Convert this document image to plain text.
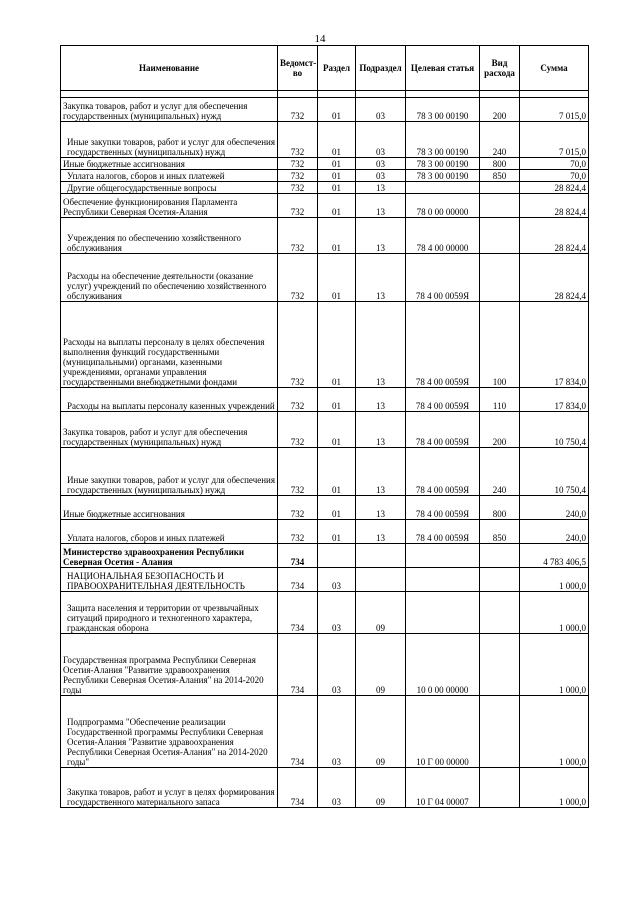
14
Наименование	Ведомст-во	Раздел	Подраздел	Целевая статья	Вид расхода	Сумма

Закупка товаров, работ и услуг для обеспечения государственных (муниципальных) нужд	732	01	03	78 3 00 00190	200	7 015,0
Иные закупки товаров, работ и услуг для обеспечения государственных (муниципальных) нужд	732	01	03	78 3 00 00190	240	7 015,0
Иные бюджетные ассигнования	732	01	03	78 3 00 00190	800	70,0
Уплата налогов, сборов и иных платежей	732	01	03	78 3 00 00190	850	70,0
Другие общегосударственные вопросы	732	01	13			28 824,4
Обеспечение функционирования Парламента Республики Северная Осетия-Алания	732	01	13	78 0 00 00000		28 824,4
Учреждения по обеспечению хозяйственного обслуживания	732	01	13	78 4 00 00000		28 824,4
Расходы на обеспечение деятельности (оказание услуг) учреждений по обеспечению хозяйственного обслуживания	732	01	13	78 4 00 0059Я		28 824,4
Расходы на выплаты персоналу в целях обеспечения выполнения функций государственными (муниципальными) органами, казенными учреждениями, органами управления государственными внебюджетными фондами	732	01	13	78 4 00 0059Я	100	17 834,0
Расходы на выплаты персоналу казенных учреждений	732	01	13	78 4 00 0059Я	110	17 834,0
Закупка товаров, работ и услуг для обеспечения государственных (муниципальных) нужд	732	01	13	78 4 00 0059Я	200	10 750,4
Иные закупки товаров, работ и услуг для обеспечения государственных (муниципальных) нужд	732	01	13	78 4 00 0059Я	240	10 750,4
Иные бюджетные ассигнования	732	01	13	78 4 00 0059Я	800	240,0
Уплата налогов, сборов и иных платежей	732	01	13	78 4 00 0059Я	850	240,0
Министерство здравоохранения Республики Северная Осетия - Алания	734					4 783 406,5
НАЦИОНАЛЬНАЯ БЕЗОПАСНОСТЬ И ПРАВООХРАНИТЕЛЬНАЯ ДЕЯТЕЛЬНОСТЬ	734	03				1 000,0
Защита населения и территории от чрезвычайных ситуаций природного и техногенного характера, гражданская оборона	734	03	09			1 000,0
Государственная программа Республики Северная Осетия-Алания "Развитие здравоохранения Республики Северная Осетия-Алания" на 2014-2020 годы	734	03	09	10 0 00 00000		1 000,0
Подпрограмма "Обеспечение реализации Государственной программы Республики Северная Осетия-Алания "Развитие здравоохранения Республики Северная Осетия-Алания" на 2014-2020 годы"	734	03	09	10 Г 00 00000		1 000,0
Закупка товаров, работ и услуг в целях формирования государственного материального запаса	734	03	09	10 Г 04 00007		1 000,0
